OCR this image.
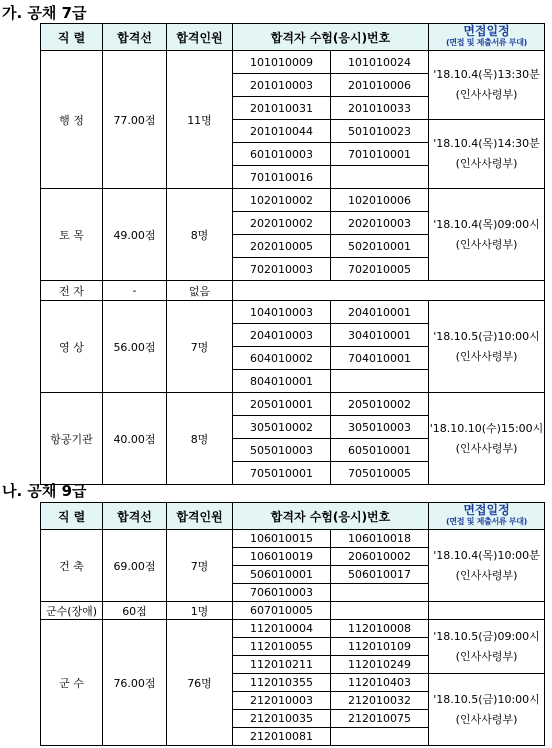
가. 공채 7급
직 렬	합격선	합격인원	합격자 수험(응시)번호		면접일정
(면접 및 제출서류 부대)

행 정	77.00점	11명	101010009	101010024	'18.10.4(목)13:30분
(인사사령부)

			201010003	201010006	
			201010031	201010033	
			201010044	501010023	'18.10.4(목)14:30분
(인사사령부)

			601010003	701010001	
			701010016		
토 목	49.00점	8명	102010002	102010006	'18.10.4(목)09:00시
(인사사령부)

			202010002	202010003	
			202010005	502010001	
			702010003	702010005	
전 자	-	없음			
영 상	56.00점	7명	104010003	204010001	'18.10.5(금)10:00시
(인사사령부)

			204010003	304010001	
			604010002	704010001	
			804010001		
항공기관	40.00점	8명	205010001	205010002	'18.10.10(수)15:00시
(인사사령부)

			305010002	305010003	
			505010003	605010001	
			705010001	705010005	
나. 공채 9급
직 렬	합격선	합격인원	합격자 수험(응시)번호		면접일정
(면접 및 제출서류 부대)

건 축	69.00점	7명	106010015	106010018	'18.10.4(목)10:00분
(인사사령부)

			106010019	206010002	
			506010001	506010017	
			706010003		
군수(장애)	60점	1명	607010005		
군 수	76.00점	76명	112010004	112010008	'18.10.5(금)09:00시
(인사사령부)

			112010055	112010109	
			112010211	112010249	
			112010355	112010403	'18.10.5(금)10:00시
(인사사령부)

			212010003	212010032	
			212010035	212010075	
			212010081		
